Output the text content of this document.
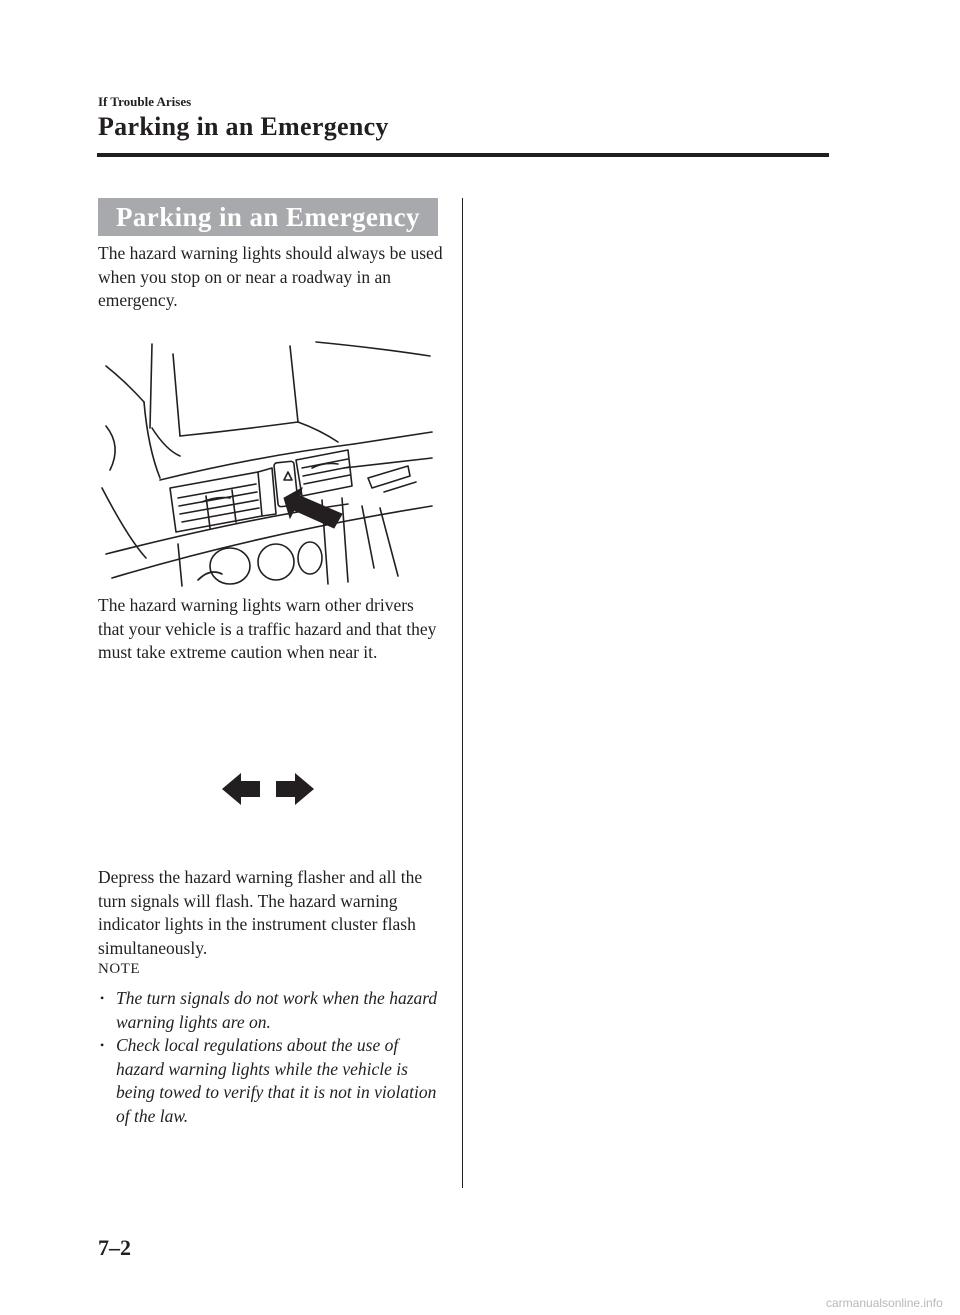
If Trouble Arises
Parking in an Emergency
Parking in an Emergency

The hazard warning lights should always be used when you stop on or near a roadway in an emergency.

The hazard warning lights warn other drivers that your vehicle is a traffic hazard and that they must take extreme caution when near it.

Depress the hazard warning flasher and all the turn signals will flash. The hazard warning indicator lights in the instrument cluster flash simultaneously.

NOTE
• The turn signals do not work when the hazard warning lights are on.
• Check local regulations about the use of hazard warning lights while the vehicle is being towed to verify that it is not in violation of the law.
7–2
carmanualsonline.info
